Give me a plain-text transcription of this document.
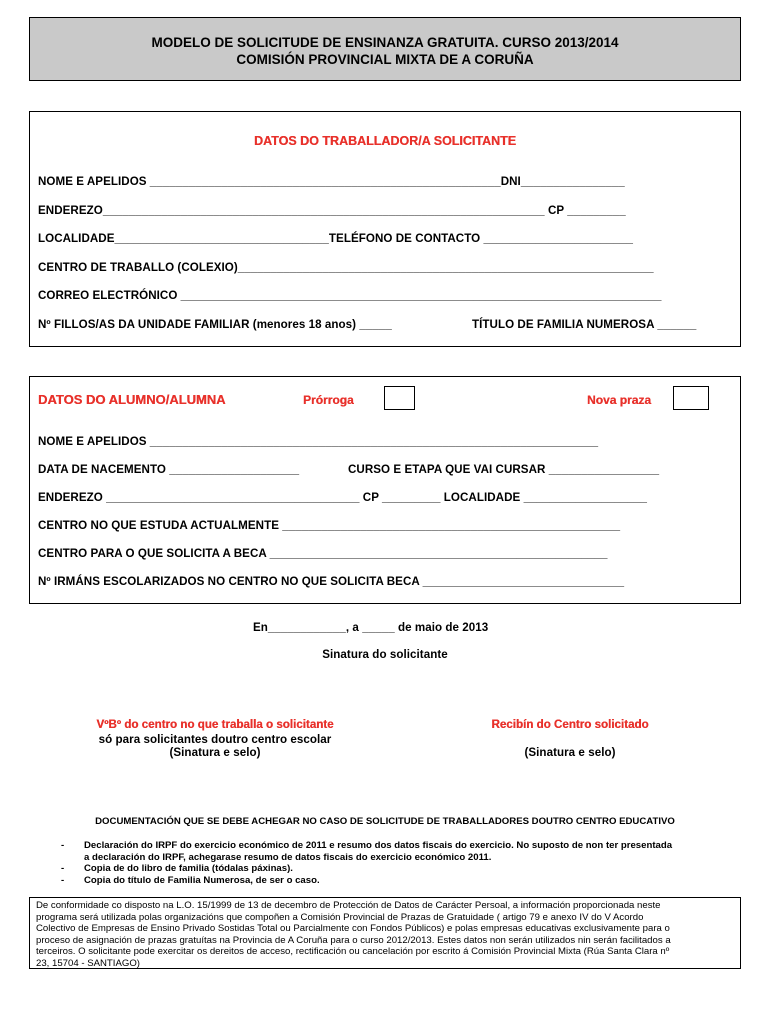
MODELO DE SOLICITUDE DE ENSINANZA GRATUITA. CURSO 2013/2014
COMISIÓN PROVINCIAL MIXTA DE A CORUÑA
DATOS DO TRABALLADOR/A SOLICITANTE
NOME E APELIDOS ______________________________________________________DNI________________
ENDEREZO____________________________________________________________________ CP _________
LOCALIDADE_________________________________TELÉFONO DE CONTACTO _______________________
CENTRO DE TRABALLO (COLEXIO)________________________________________________________________
CORREO ELECTRÓNICO __________________________________________________________________________
Nº FILLOS/AS DA UNIDADE FAMILIAR (menores 18 anos) _____	TÍTULO DE FAMILIA NUMEROSA ______
DATOS DO ALUMNO/ALUMNA	Prórroga	Nova praza
NOME E APELIDOS _____________________________________________________________________
DATA DE NACEMENTO ____________________	CURSO E ETAPA QUE VAI CURSAR _________________
ENDEREZO _______________________________________ CP _________ LOCALIDADE ___________________
CENTRO NO QUE ESTUDA ACTUALMENTE ____________________________________________________
CENTRO PARA O QUE SOLICITA A BECA ____________________________________________________
Nº IRMÁNS ESCOLARIZADOS NO CENTRO NO QUE SOLICITA BECA _______________________________
En____________, a _____ de maio de 2013
Sinatura do solicitante
VºBº do centro no que traballa o solicitante
só para solicitantes doutro centro escolar
(Sinatura e selo)
Recibín do Centro solicitado
(Sinatura e selo)
DOCUMENTACIÓN QUE SE DEBE ACHEGAR NO CASO DE SOLICITUDE DE TRABALLADORES DOUTRO CENTRO EDUCATIVO
- Declaración do IRPF do exercicio económico de 2011 e resumo dos datos fiscais do exercicio. No suposto de non ter presentada
a declaración do IRPF, achegarase resumo de datos fiscais do exercicio económico 2011.
- Copia de do libro de familia (tódalas páxinas).
- Copia do título de Familia Numerosa, de ser o caso.
De conformidade co disposto na L.O. 15/1999 de 13 de decembro de Protección de Datos de Carácter Persoal, a información proporcionada neste
programa será utilizada polas organizacións que compoñen a Comisión Provincial de Prazas de Gratuidade ( artigo 79 e anexo IV do V Acordo
Colectivo de Empresas de Ensino Privado Sostidas Total ou Parcialmente con Fondos Públicos) e polas empresas educativas exclusivamente para o
proceso de asignación de prazas gratuítas na Provincia de A Coruña para o curso 2012/2013. Estes datos non serán utilizados nin serán facilitados a
terceiros. O solicitante pode exercitar os dereitos de acceso, rectificación ou cancelación por escrito á Comisión Provincial Mixta (Rúa Santa Clara nº
23, 15704 - SANTIAGO)
